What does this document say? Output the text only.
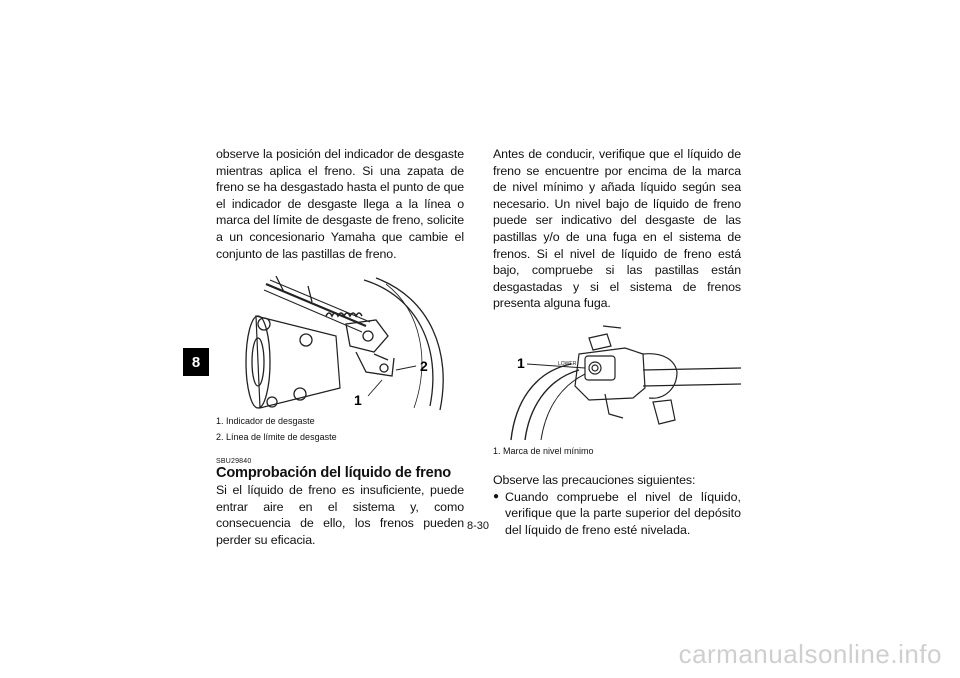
8

observe la posición del indicador de desgaste mientras aplica el freno. Si una zapata de freno se ha desgastado hasta el punto de que el indicador de desgaste llega a la línea o marca del límite de desgaste de freno, solicite a un concesionario Yamaha que cambie el conjunto de las pastillas de freno.

2
1

1. Indicador de desgaste

2. Línea de límite de desgaste

SBU29840
Comprobación del líquido de freno

Si el líquido de freno es insuficiente, puede entrar aire en el sistema y, como consecuencia de ello, los frenos pueden perder su eficacia.

Antes de conducir, verifique que el líquido de freno se encuentre por encima de la marca de nivel mínimo y añada líquido según sea necesario. Un nivel bajo de líquido de freno puede ser indicativo del desgaste de las pastillas y/o de una fuga en el sistema de frenos. Si el nivel de líquido de freno está bajo, compruebe si las pastillas están desgastadas y si el sistema de frenos presenta alguna fuga.

LOWER
1

1. Marca de nivel mínimo

Observe las precauciones siguientes:

● Cuando compruebe el nivel de líquido, verifique que la parte superior del depósito del líquido de freno esté nivelada.
8-30
carmanualsonline.info
